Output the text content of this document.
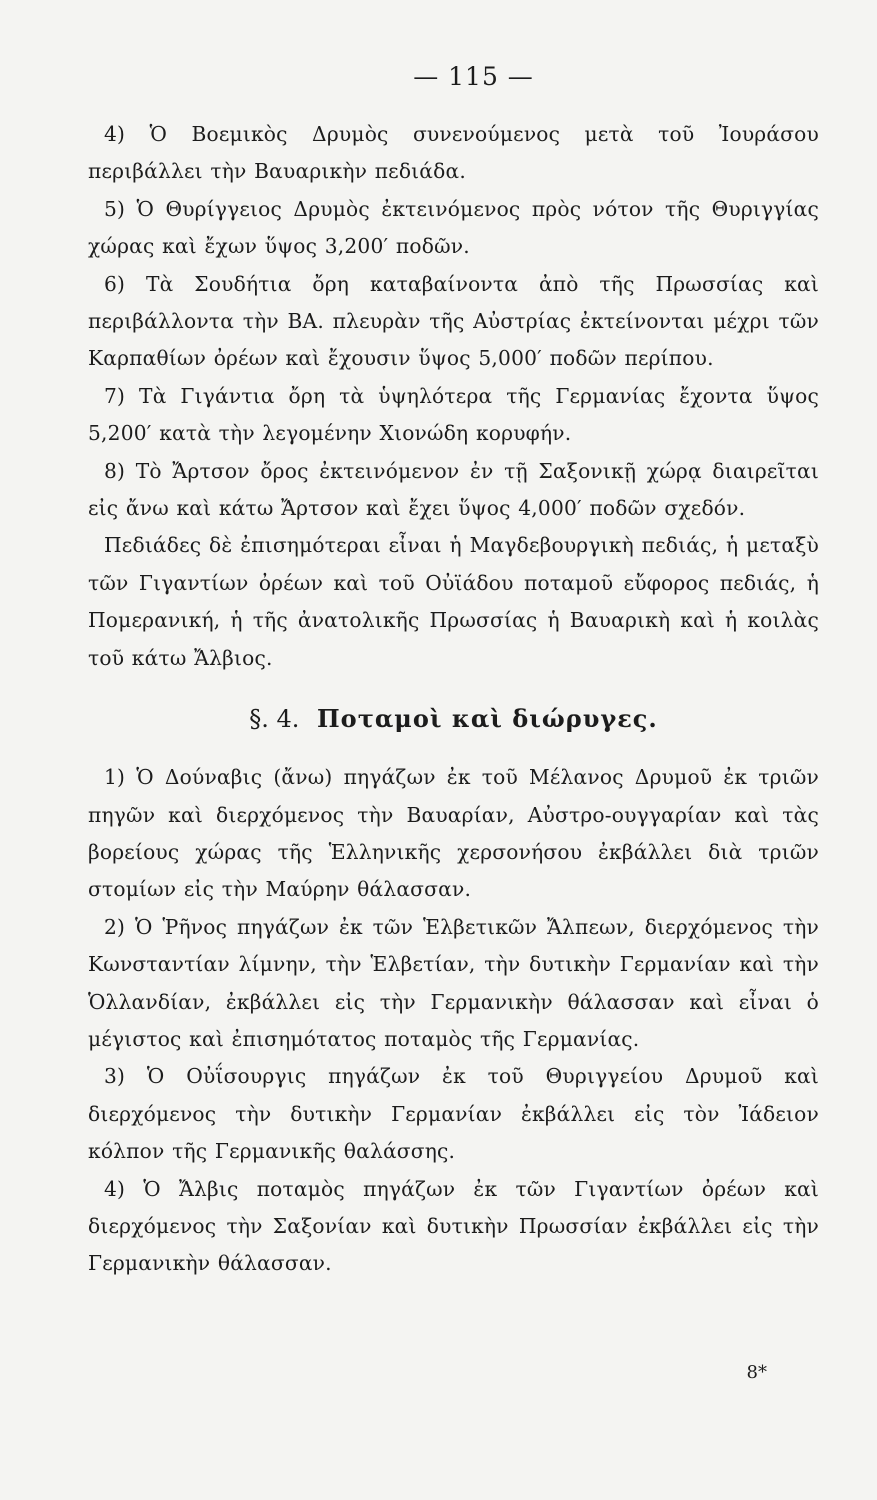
— 115 —

4) Ὁ Βοεμικὸς Δρυμὸς συνενούμενος μετὰ τοῦ Ἰουράσου περιβάλλει τὴν Βαυαρικὴν πεδιάδα.

5) Ὁ Θυρίγγειος Δρυμὸς ἐκτεινόμενος πρὸς νότον τῆς Θυριγγίας χώρας καὶ ἔχων ὕψος 3,200′ ποδῶν.

6) Τὰ Σουδήτια ὄρη καταβαίνοντα ἀπὸ τῆς Πρωσσίας καὶ περιβάλλοντα τὴν ΒΑ. πλευρὰν τῆς Αὐστρίας ἐκτείνονται μέχρι τῶν Καρπαθίων ὀρέων καὶ ἔχουσιν ὕψος 5,000′ ποδῶν περίπου.

7) Τὰ Γιγάντια ὄρη τὰ ὑψηλότερα τῆς Γερμανίας ἔχοντα ὕψος 5,200′ κατὰ τὴν λεγομένην Χιονώδη κορυφήν.

8) Τὸ Ἄρτσον ὄρος ἐκτεινόμενον ἐν τῇ Σαξονικῇ χώρᾳ διαιρεῖται εἰς ἄνω καὶ κάτω Ἄρτσον καὶ ἔχει ὕψος 4,000′ ποδῶν σχεδόν.

Πεδιάδες δὲ ἐπισημότεραι εἶναι ἡ Μαγδεβουργικὴ πεδιάς, ἡ μεταξὺ τῶν Γιγαντίων ὀρέων καὶ τοῦ Οὐϊάδου ποταμοῦ εὔφορος πεδιάς, ἡ Πομερανική, ἡ τῆς ἀνατολικῆς Πρωσσίας ἡ Βαυαρικὴ καὶ ἡ κοιλὰς τοῦ κάτω Ἄλβιος.

§. 4. Ποταμοὶ καὶ διώρυγες.

1) Ὁ Δούναβις (ἄνω) πηγάζων ἐκ τοῦ Μέλανος Δρυμοῦ ἐκ τριῶν πηγῶν καὶ διερχόμενος τὴν Βαυαρίαν, Αὐστρο-ουγγαρίαν καὶ τὰς βορείους χώρας τῆς Ἑλληνικῆς χερσονήσου ἐκβάλλει διὰ τριῶν στομίων εἰς τὴν Μαύρην θάλασσαν.

2) Ὁ Ῥῆνος πηγάζων ἐκ τῶν Ἑλβετικῶν Ἄλπεων, διερχόμενος τὴν Κωνσταντίαν λίμνην, τὴν Ἑλβετίαν, τὴν δυτικὴν Γερμανίαν καὶ τὴν Ὁλλανδίαν, ἐκβάλλει εἰς τὴν Γερμανικὴν θάλασσαν καὶ εἶναι ὁ μέγιστος καὶ ἐπισημότατος ποταμὸς τῆς Γερμανίας.

3) Ὁ Οὐΐσουργις πηγάζων ἐκ τοῦ Θυριγγείου Δρυμοῦ καὶ διερχόμενος τὴν δυτικὴν Γερμανίαν ἐκβάλλει εἰς τὸν Ἰάδειον κόλπον τῆς Γερμανικῆς θαλάσσης.

4) Ὁ Ἄλβις ποταμὸς πηγάζων ἐκ τῶν Γιγαντίων ὀρέων καὶ διερχόμενος τὴν Σαξονίαν καὶ δυτικὴν Πρωσσίαν ἐκβάλλει εἰς τὴν Γερμανικὴν θάλασσαν.

8*
